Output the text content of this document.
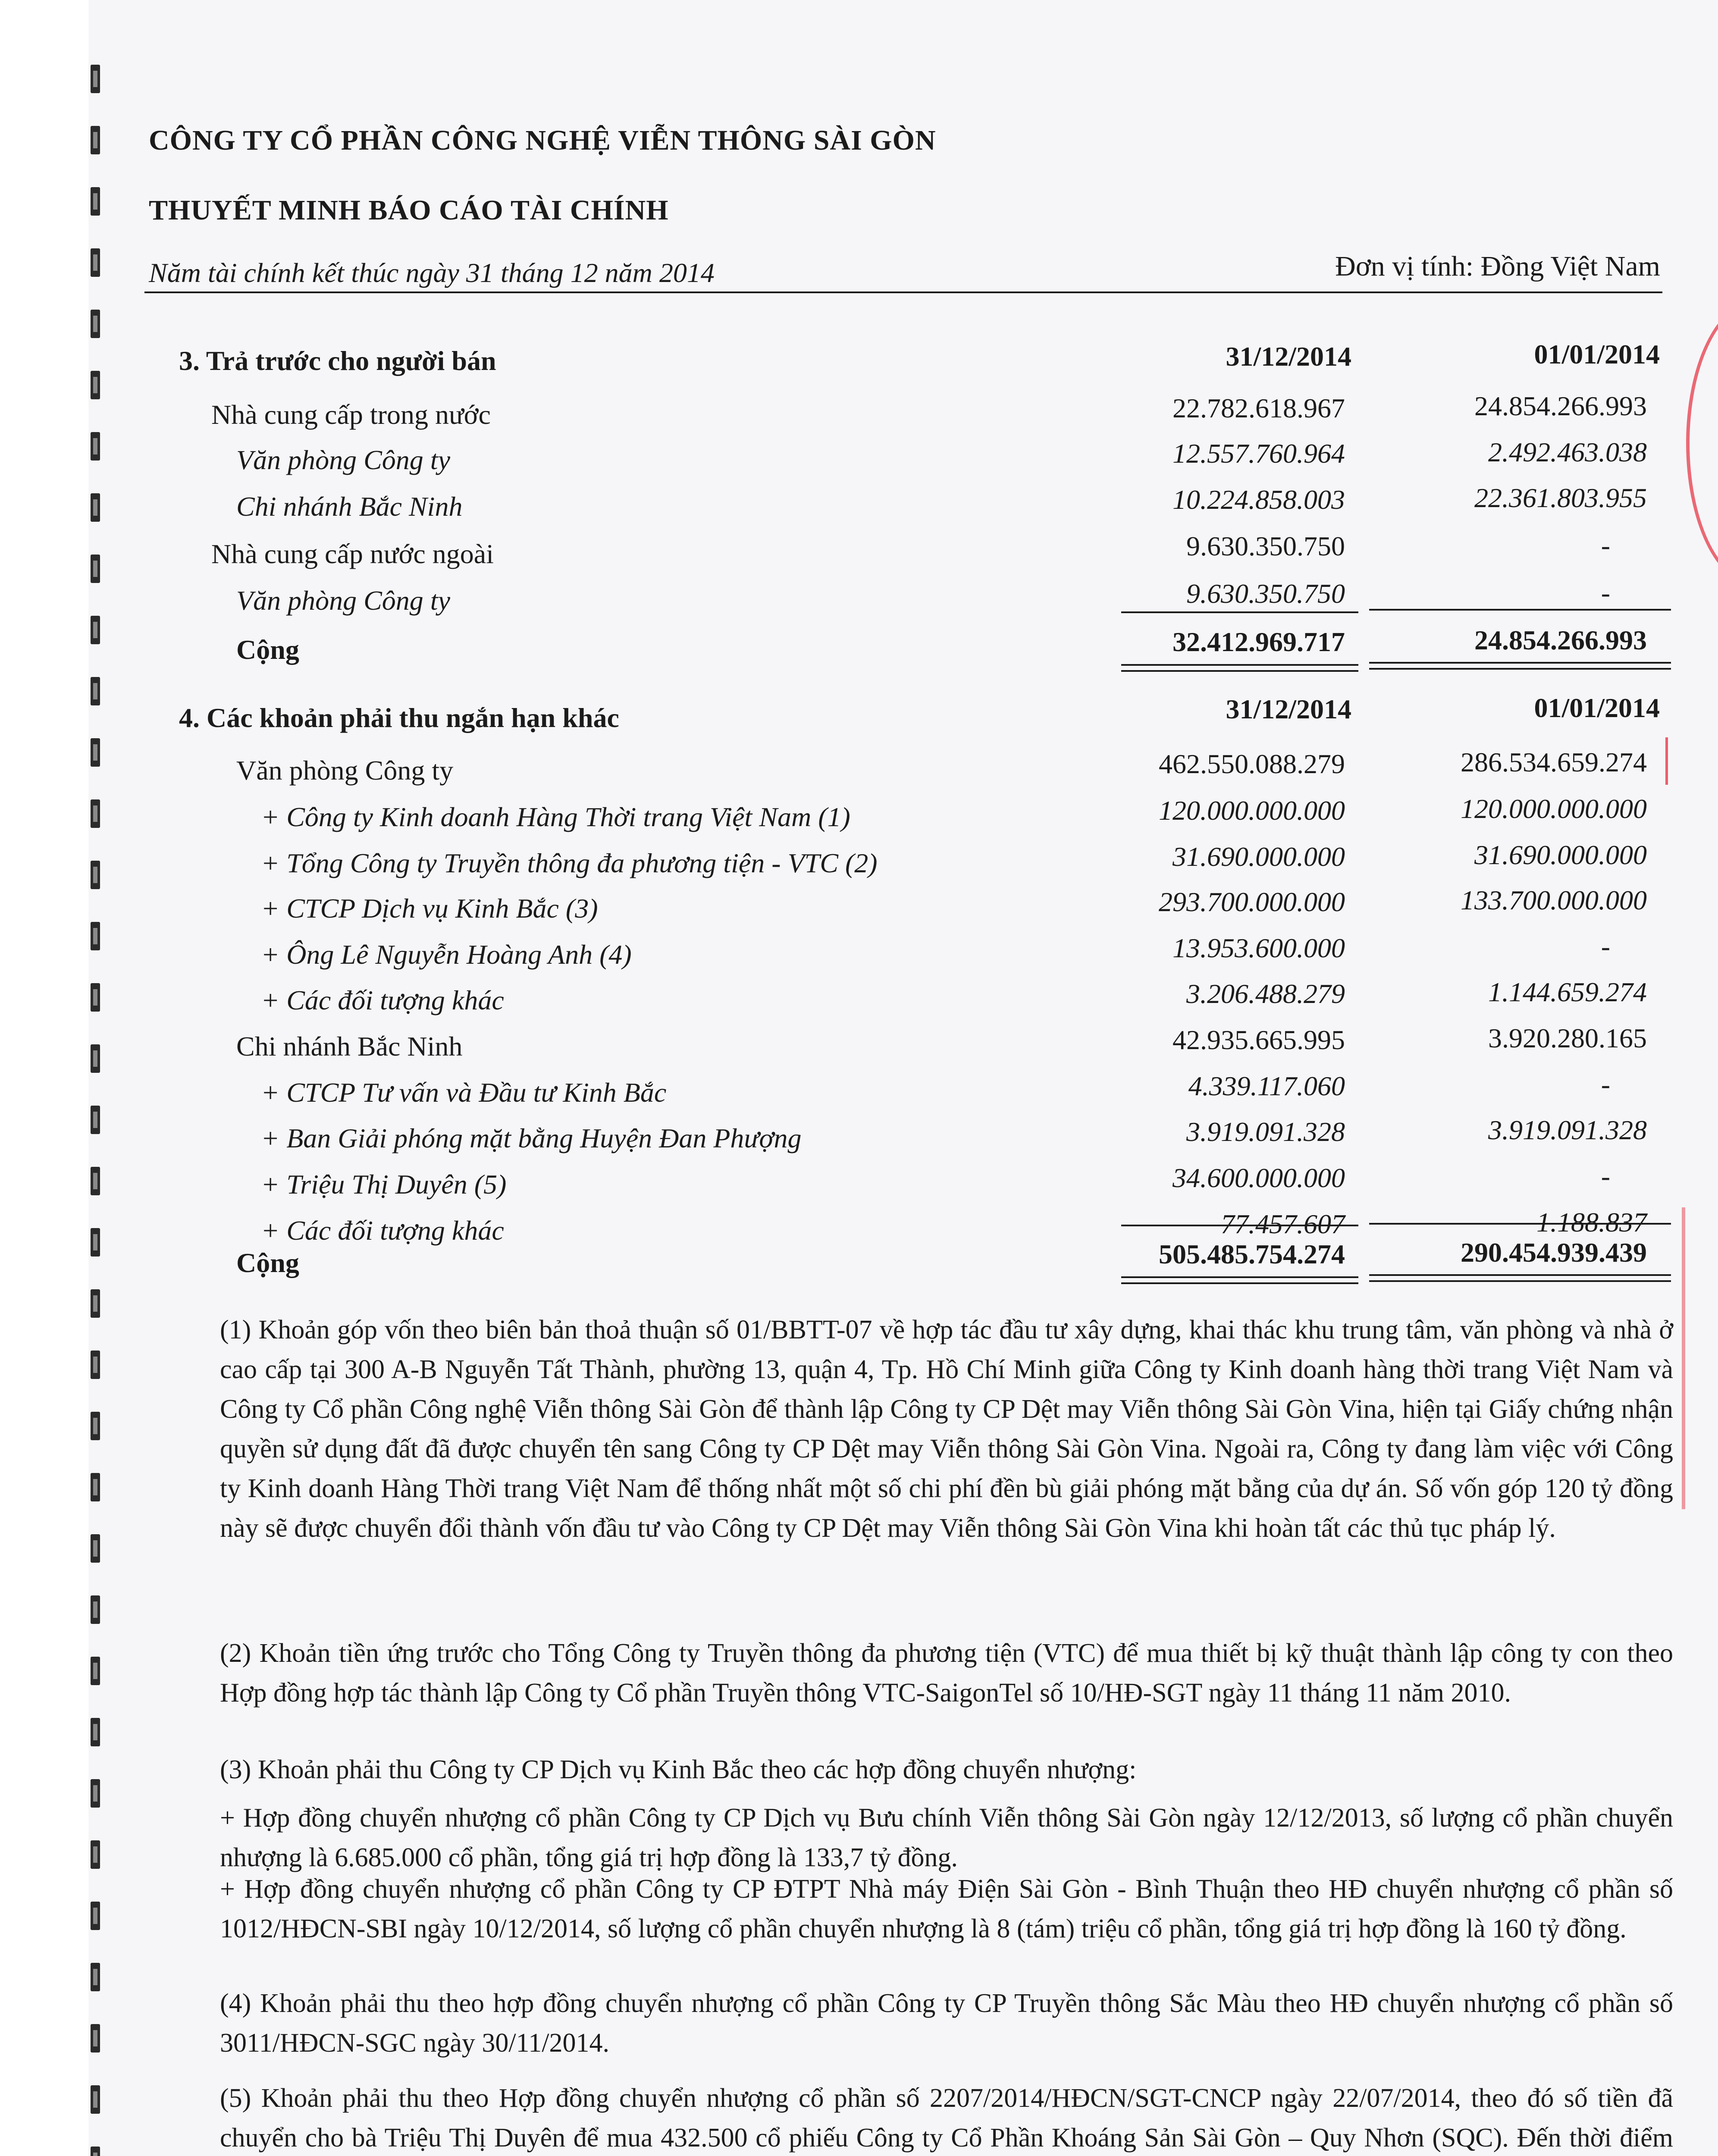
CÔNG TY CỔ PHẦN CÔNG NGHỆ VIỄN THÔNG SÀI GÒN
THUYẾT MINH BÁO CÁO TÀI CHÍNH
Năm tài chính kết thúc ngày 31 tháng 12 năm 2014	Đơn vị tính: Đồng Việt Nam
3. Trả trước cho người bán	31/12/2014	01/01/2014
Nhà cung cấp trong nước	22.782.618.967	24.854.266.993
Văn phòng Công ty	12.557.760.964	2.492.463.038
Chi nhánh Bắc Ninh	10.224.858.003	22.361.803.955
Nhà cung cấp nước ngoài	9.630.350.750	-
Văn phòng Công ty	9.630.350.750	-
Cộng	32.412.969.717	24.854.266.993
4. Các khoản phải thu ngắn hạn khác	31/12/2014	01/01/2014
Văn phòng Công ty	462.550.088.279	286.534.659.274
+ Công ty Kinh doanh Hàng Thời trang Việt Nam (1)	120.000.000.000	120.000.000.000
+ Tổng Công ty Truyền thông đa phương tiện - VTC (2)	31.690.000.000	31.690.000.000
+ CTCP Dịch vụ Kinh Bắc (3)	293.700.000.000	133.700.000.000
+ Ông Lê Nguyễn Hoàng Anh (4)	13.953.600.000	-
+ Các đối tượng khác	3.206.488.279	1.144.659.274
Chi nhánh Bắc Ninh	42.935.665.995	3.920.280.165
+ CTCP Tư vấn và Đầu tư Kinh Bắc	4.339.117.060	-
+ Ban Giải phóng mặt bằng Huyện Đan Phượng	3.919.091.328	3.919.091.328
+ Triệu Thị Duyên (5)	34.600.000.000	-
+ Các đối tượng khác	77.457.607	1.188.837
Cộng	505.485.754.274	290.454.939.439
(1) Khoản góp vốn theo biên bản thoả thuận số 01/BBTT-07 về hợp tác đầu tư xây dựng, khai thác khu trung tâm, văn phòng và nhà ở cao cấp tại 300 A-B Nguyễn Tất Thành, phường 13, quận 4, Tp. Hồ Chí Minh giữa Công ty Kinh doanh hàng thời trang Việt Nam và Công ty Cổ phần Công nghệ Viễn thông Sài Gòn để thành lập Công ty CP Dệt may Viễn thông Sài Gòn Vina, hiện tại Giấy chứng nhận quyền sử dụng đất đã được chuyển tên sang Công ty CP Dệt may Viễn thông Sài Gòn Vina. Ngoài ra, Công ty đang làm việc với Công ty Kinh doanh Hàng Thời trang Việt Nam để thống nhất một số chi phí đền bù giải phóng mặt bằng của dự án. Số vốn góp 120 tỷ đồng này sẽ được chuyển đổi thành vốn đầu tư vào Công ty CP Dệt may Viễn thông Sài Gòn Vina khi hoàn tất các thủ tục pháp lý.
(2) Khoản tiền ứng trước cho Tổng Công ty Truyền thông đa phương tiện (VTC) để mua thiết bị kỹ thuật thành lập công ty con theo Hợp đồng hợp tác thành lập Công ty Cổ phần Truyền thông VTC-SaigonTel số 10/HĐ-SGT ngày 11 tháng 11 năm 2010.
(3) Khoản phải thu Công ty CP Dịch vụ Kinh Bắc theo các hợp đồng chuyển nhượng:
+ Hợp đồng chuyển nhượng cổ phần Công ty CP Dịch vụ Bưu chính Viễn thông Sài Gòn ngày 12/12/2013, số lượng cổ phần chuyển nhượng là 6.685.000 cổ phần, tổng giá trị hợp đồng là 133,7 tỷ đồng.
+ Hợp đồng chuyển nhượng cổ phần Công ty CP ĐTPT Nhà máy Điện Sài Gòn - Bình Thuận theo HĐ chuyển nhượng cổ phần số 1012/HĐCN-SBI ngày 10/12/2014, số lượng cổ phần chuyển nhượng là 8 (tám) triệu cổ phần, tổng giá trị hợp đồng là 160 tỷ đồng.
(4) Khoản phải thu theo hợp đồng chuyển nhượng cổ phần Công ty CP Truyền thông Sắc Màu theo HĐ chuyển nhượng cổ phần số 3011/HĐCN-SGC ngày 30/11/2014.
(5) Khoản phải thu theo Hợp đồng chuyển nhượng cổ phần số 2207/2014/HĐCN/SGT-CNCP ngày 22/07/2014, theo đó số tiền đã chuyển cho bà Triệu Thị Duyên để mua 432.500 cổ phiếu Công ty Cổ Phần Khoáng Sản Sài Gòn – Quy Nhơn (SQC). Đến thời điểm
